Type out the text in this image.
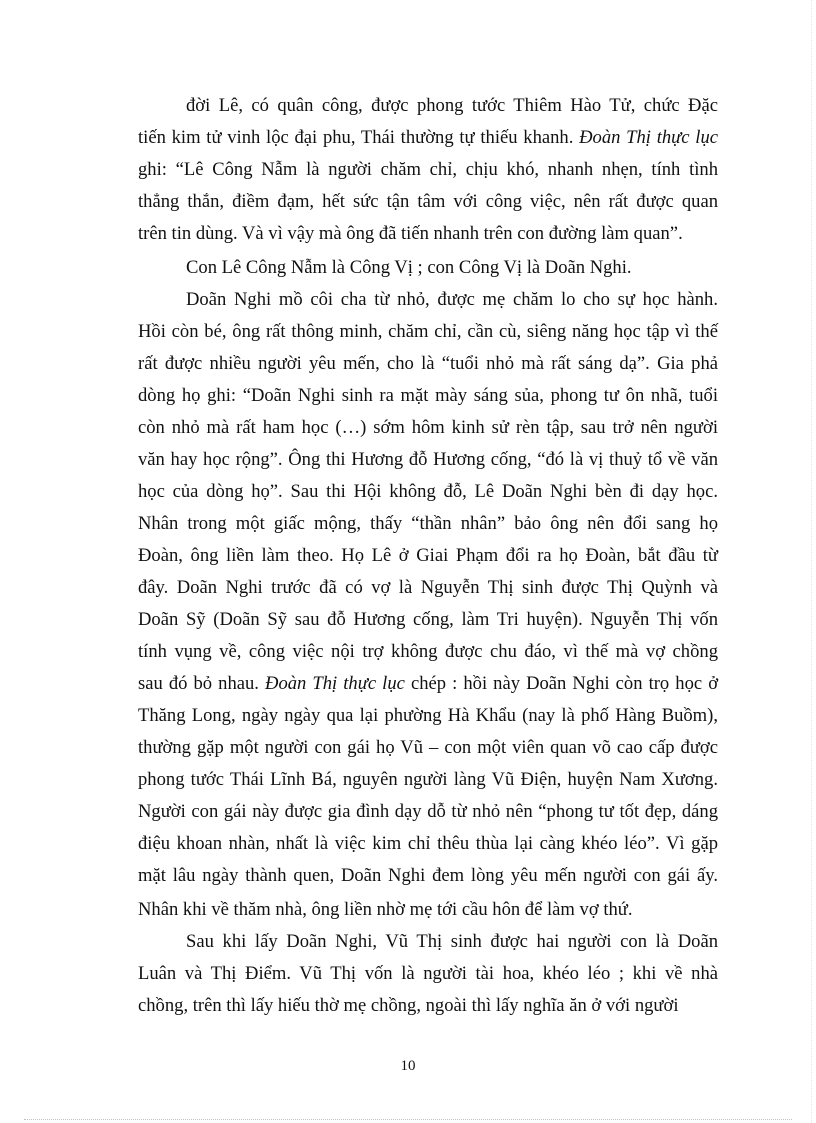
đời Lê, có quân công, được phong tước Thiêm Hào Tử, chức Đặc
tiến kim tử vinh lộc đại phu, Thái thường tự thiếu khanh. Đoàn Thị thực lục
ghi: “Lê Công Nẫm là người chăm chỉ, chịu khó, nhanh nhẹn, tính tình
thẳng thắn, điềm đạm, hết sức tận tâm với công việc, nên rất được quan
trên tin dùng. Và vì vậy mà ông đã tiến nhanh trên con đường làm quan”.
Con Lê Công Nẫm là Công Vị ; con Công Vị là Doãn Nghi.
Doãn Nghi mồ côi cha từ nhỏ, được mẹ chăm lo cho sự học hành.
Hồi còn bé, ông rất thông minh, chăm chỉ, cần cù, siêng năng học tập vì thế
rất được nhiều người yêu mến, cho là “tuổi nhỏ mà rất sáng dạ”. Gia phả
dòng họ ghi: “Doãn Nghi sinh ra mặt mày sáng sủa, phong tư ôn nhã, tuổi
còn nhỏ mà rất ham học (…) sớm hôm kinh sử rèn tập, sau trở nên người
văn hay học rộng”. Ông thi Hương đỗ Hương cống, “đó là vị thuỷ tổ về văn
học của dòng họ”. Sau thi Hội không đỗ, Lê Doãn Nghi bèn đi dạy học.
Nhân trong một giấc mộng, thấy “thần nhân” bảo ông nên đổi sang họ
Đoàn, ông liền làm theo. Họ Lê ở Giai Phạm đổi ra họ Đoàn, bắt đầu từ
đây. Doãn Nghi trước đã có vợ là Nguyễn Thị sinh được Thị Quỳnh và
Doãn Sỹ (Doãn Sỹ sau đỗ Hương cống, làm Tri huyện). Nguyễn Thị vốn
tính vụng về, công việc nội trợ không được chu đáo, vì thế mà vợ chồng
sau đó bỏ nhau. Đoàn Thị thực lục chép : hồi này Doãn Nghi còn trọ học ở
Thăng Long, ngày ngày qua lại phường Hà Khẩu (nay là phố Hàng Buồm),
thường gặp một người con gái họ Vũ – con một viên quan võ cao cấp được
phong tước Thái Lĩnh Bá, nguyên người làng Vũ Điện, huyện Nam Xương.
Người con gái này được gia đình dạy dỗ từ nhỏ nên “phong tư tốt đẹp, dáng
điệu khoan nhàn, nhất là việc kim chỉ thêu thùa lại càng khéo léo”. Vì gặp
mặt lâu ngày thành quen, Doãn Nghi đem lòng yêu mến người con gái ấy.
Nhân khi về thăm nhà, ông liền nhờ mẹ tới cầu hôn để làm vợ thứ.
Sau khi lấy Doãn Nghi, Vũ Thị sinh được hai người con là Doãn
Luân và Thị Điểm. Vũ Thị vốn là người tài hoa, khéo léo ; khi về nhà
chồng, trên thì lấy hiếu thờ mẹ chồng, ngoài thì lấy nghĩa ăn ở với người
10
